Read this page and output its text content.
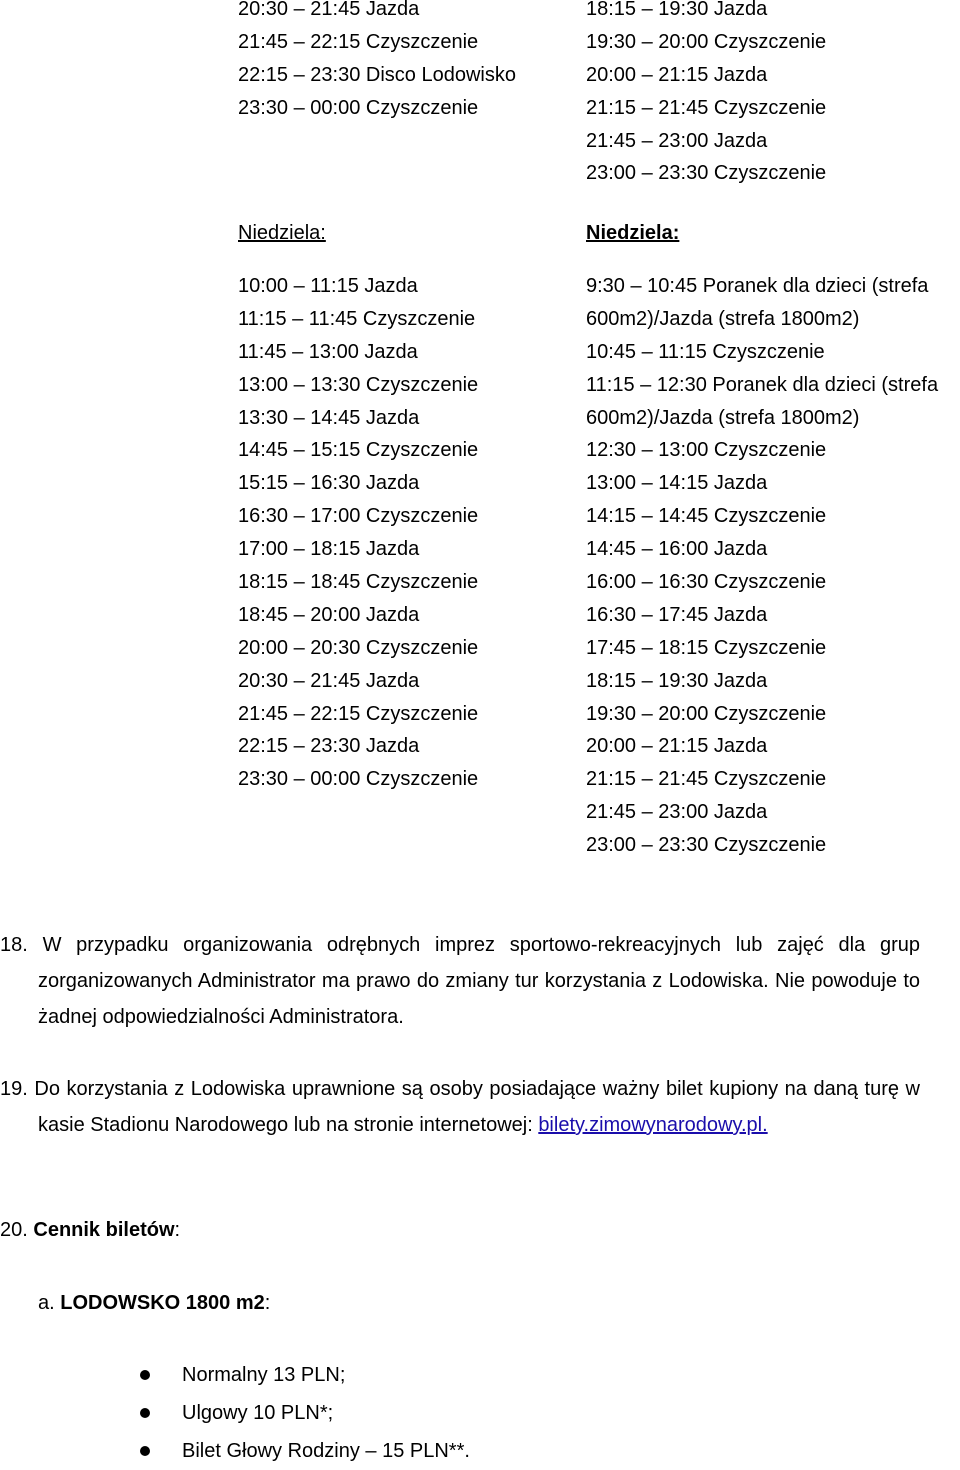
20:30 – 21:45 Jazda
21:45 – 22:15 Czyszczenie
22:15 – 23:30 Disco Lodowisko
23:30 – 00:00 Czyszczenie
18:15 – 19:30 Jazda
19:30 – 20:00 Czyszczenie
20:00 – 21:15 Jazda
21:15 – 21:45 Czyszczenie
21:45 – 23:00 Jazda
23:00 – 23:30 Czyszczenie
Niedziela:	Niedziela:
10:00 – 11:15 Jazda
11:15 – 11:45 Czyszczenie
11:45 – 13:00 Jazda
13:00 – 13:30 Czyszczenie
13:30 – 14:45 Jazda
14:45 – 15:15 Czyszczenie
15:15 – 16:30 Jazda
16:30 – 17:00 Czyszczenie
17:00 – 18:15 Jazda
18:15 – 18:45 Czyszczenie
18:45 – 20:00 Jazda
20:00 – 20:30 Czyszczenie
20:30 – 21:45 Jazda
21:45 – 22:15 Czyszczenie
22:15 – 23:30 Jazda
23:30 – 00:00 Czyszczenie
9:30 – 10:45 Poranek dla dzieci (strefa
600m2)/Jazda (strefa 1800m2)
10:45 – 11:15 Czyszczenie
11:15 – 12:30 Poranek dla dzieci (strefa
600m2)/Jazda (strefa 1800m2)
12:30 – 13:00 Czyszczenie
13:00 – 14:15 Jazda
14:15 – 14:45 Czyszczenie
14:45 – 16:00 Jazda
16:00 – 16:30 Czyszczenie
16:30 – 17:45 Jazda
17:45 – 18:15 Czyszczenie
18:15 – 19:30 Jazda
19:30 – 20:00 Czyszczenie
20:00 – 21:15 Jazda
21:15 – 21:45 Czyszczenie
21:45 – 23:00 Jazda
23:00 – 23:30 Czyszczenie
18. W przypadku organizowania odrębnych imprez sportowo-rekreacyjnych lub zajęć dla grup zorganizowanych Administrator ma prawo do zmiany tur korzystania z Lodowiska. Nie powoduje to żadnej odpowiedzialności Administratora.
19. Do korzystania z Lodowiska uprawnione są osoby posiadające ważny bilet kupiony na daną turę w kasie Stadionu Narodowego lub na stronie internetowej: bilety.zimowynarodowy.pl.
20. Cennik biletów:
a. LODOWSKO 1800 m2:
Normalny 13 PLN;
Ulgowy 10 PLN*;
Bilet Głowy Rodziny – 15 PLN**.
